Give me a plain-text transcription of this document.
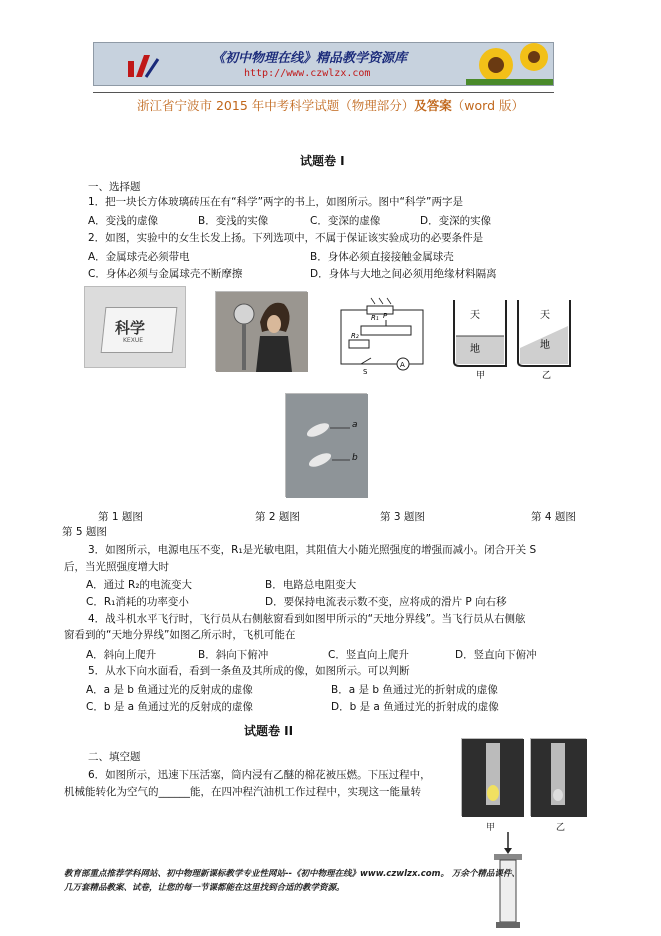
《初中物理在线》精品教学资源库
http://www.czwlzx.com
浙江省宁波市 2015 年中考科学试题（物理部分）及答案（word 版）
试题卷 I
一、选择题
1．把一块长方体玻璃砖压在有“科学”两字的书上，如图所示。图中“科学”两字是
A．变浅的虚像	B．变浅的实像	C．变深的虚像	D．变深的实像
2．如图，实验中的女生长发上扬。下列选项中，不属于保证该实验成功的必要条件是
A．金属球壳必须带电	B．身体必须直接接触金属球壳
C．身体必须与金属球壳不断摩擦	D．身体与大地之间必须用绝缘材料隔离
科学
KEXUE
R₁ P
R₂
A
S
天
地
天
地
甲	乙
a
b
第 1 题图	第 2 题图	第 3 题图	第 4 题图
第 5 题图
3．如图所示，电源电压不变，R₁是光敏电阻，其阻值大小随光照强度的增强而减小。闭合开关 S
后，当光照强度增大时
A．通过 R₂的电流变大	B．电路总电阻变大
C．R₁消耗的功率变小	D．要保持电流表示数不变，应将成的滑片 P 向右移
4．战斗机水平飞行时，飞行员从右侧舷窗看到如图甲所示的“天地分界线”。当飞行员从右侧舷
窗看到的“天地分界线”如图乙所示时，飞机可能在
A．斜向上爬升	B．斜向下俯冲	C．竖直向上爬升	D．竖直向下俯冲
5．从水下向水面看，看到一条鱼及其所成的像，如图所示。可以判断
A．a 是 b 鱼通过光的反射成的虚像	B．a 是 b 鱼通过光的折射成的虚像
C．b 是 a 鱼通过光的反射成的虚像	D．b 是 a 鱼通过光的折射成的虚像
试题卷 II
二、填空题
6．如图所示，迅速下压活塞，筒内浸有乙醚的棉花被压燃。下压过程中，
机械能转化为空气的______能，在四冲程汽油机工作过程中，实现这一能量转
甲	乙
教育部重点推荐学科网站、初中物理新课标教学专业性网站--《初中物理在线》www.czwlzx.com。 万余个精品课件、
几万套精品教案、试卷，让您的每一节课都能在这里找到合适的教学资源。
